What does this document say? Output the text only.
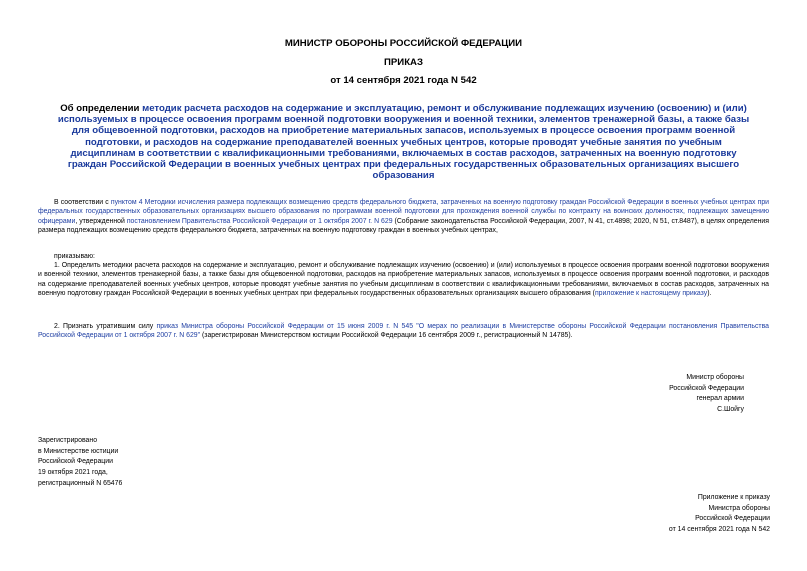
МИНИСТР ОБОРОНЫ РОССИЙСКОЙ ФЕДЕРАЦИИ
ПРИКАЗ
от 14 сентября 2021 года N 542
Об определении методик расчета расходов на содержание и эксплуатацию, ремонт и обслуживание подлежащих изучению (освоению) и (или) используемых в процессе освоения программ военной подготовки вооружения и военной техники, элементов тренажерной базы, а также базы для общевоенной подготовки, расходов на приобретение материальных запасов, используемых в процессе освоения программ военной подготовки, и расходов на содержание преподавателей военных учебных центров, которые проводят учебные занятия по учебным дисциплинам в соответствии с квалификационными требованиями, включаемых в состав расходов, затраченных на военную подготовку граждан Российской Федерации в военных учебных центрах при федеральных государственных образовательных организациях высшего образования

В соответствии с пунктом 4 Методики исчисления размера подлежащих возмещению средств федерального бюджета, затраченных на военную подготовку граждан Российской Федерации в военных учебных центрах при федеральных государственных образовательных организациях высшего образования по программам военной подготовки для прохождения военной службы по контракту на воинских должностях, подлежащих замещению офицерами, утвержденной постановлением Правительства Российской Федерации от 1 октября 2007 г. N 629 (Собрание законодательства Российской Федерации, 2007, N 41, ст.4898; 2020, N 51, ст.8487), в целях определения размера подлежащих возмещению средств федерального бюджета, затраченных на военную подготовку граждан в военных учебных центрах,

приказываю:

1. Определить методики расчета расходов на содержание и эксплуатацию, ремонт и обслуживание подлежащих изучению (освоению) и (или) используемых в процессе освоения программ военной подготовки вооружения и военной техники, элементов тренажерной базы, а также базы для общевоенной подготовки, расходов на приобретение материальных запасов, используемых в процессе освоения программ военной подготовки, и расходов на содержание преподавателей военных учебных центров, которые проводят учебные занятия по учебным дисциплинам в соответствии с квалификационными требованиями, включаемых в состав расходов, затраченных на военную подготовку граждан Российской Федерации в военных учебных центрах при федеральных государственных образовательных организациях высшего образования (приложение к настоящему приказу).

2. Признать утратившим силу приказ Министра обороны Российской Федерации от 15 июня 2009 г. N 545 "О мерах по реализации в Министерстве обороны Российской Федерации постановления Правительства Российской Федерации от 1 октября 2007 г. N 629" (зарегистрирован Министерством юстиции Российской Федерации 16 сентября 2009 г., регистрационный N 14785).

Министр обороны
Российской Федерации
генерал армии
С.Шойгу
Зарегистрировано
в Министерстве юстиции
Российской Федерации
19 октября 2021 года,
регистрационный N 65476
Приложение к приказу
Министра обороны
Российской Федерации
от 14 сентября 2021 года N 542
